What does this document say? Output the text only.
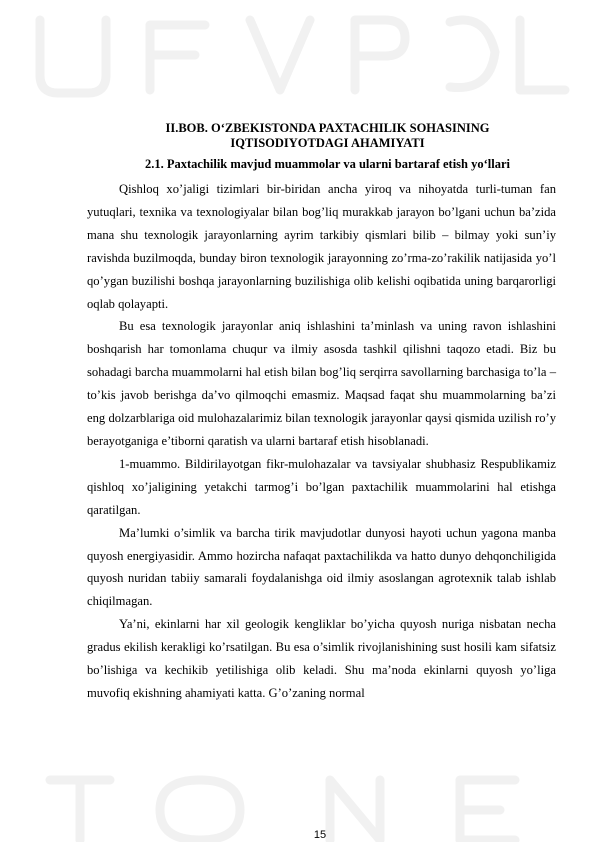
II.BOB. O‘ZBEKISTONDA PAXTACHILIK SOHASINING
IQTISODIYOTDAGI AHAMIYATI
2.1. Paxtachilik mavjud muammolar va ularni bartaraf etish yo‘llari

Qishloq xo’jaligi tizimlari bir-biridan ancha yiroq va nihoyatda turli-tuman fan yutuqlari, texnika va texnologiyalar bilan bog’liq murakkab jarayon bo’lgani uchun ba’zida mana shu texnologik jarayonlarning ayrim tarkibiy qismlari bilib – bilmay yoki sun’iy ravishda buzilmoqda, bunday biron texnologik jarayonning zo’rma-zo’rakilik natijasida yo’l qo’ygan buzilishi boshqa jarayonlarning buzilishiga olib kelishi oqibatida uning barqarorligi oqlab qolayapti.

Bu esa texnologik jarayonlar aniq ishlashini ta’minlash va uning ravon ishlashini boshqarish har tomonlama chuqur va ilmiy asosda tashkil qilishni taqozo etadi. Biz bu sohadagi barcha muammolarni hal etish bilan bog’liq serqirra savollarning barchasiga to’la – to’kis javob berishga da’vo qilmoqchi emasmiz. Maqsad faqat shu muammolarning ba’zi eng dolzarblariga oid mulohazalarimiz bilan texnologik jarayonlar qaysi qismida uzilish ro’y berayotganiga e’tiborni qaratish va ularni bartaraf etish hisoblanadi.

1-muammo. Bildirilayotgan fikr-mulohazalar va tavsiyalar shubhasiz Respublikamiz qishloq xo’jaligining yetakchi tarmog’i bo’lgan paxtachilik muammolarini hal etishga qaratilgan.

Ma’lumki o’simlik va barcha tirik mavjudotlar dunyosi hayoti uchun yagona manba quyosh energiyasidir. Ammo hozircha nafaqat paxtachilikda va hatto dunyo dehqonchiligida quyosh nuridan tabiiy samarali foydalanishga oid ilmiy asoslangan agrotexnik talab ishlab chiqilmagan.

Ya’ni, ekinlarni har xil geologik kengliklar bo’yicha quyosh nuriga nisbatan necha gradus ekilish kerakligi ko’rsatilgan. Bu esa o’simlik rivojlanishining sust hosili kam sifatsiz bo’lishiga va kechikib yetilishiga olib keladi. Shu ma’noda ekinlarni quyosh yo’liga muvofiq ekishning ahamiyati katta. G’o’zaning normal

15
